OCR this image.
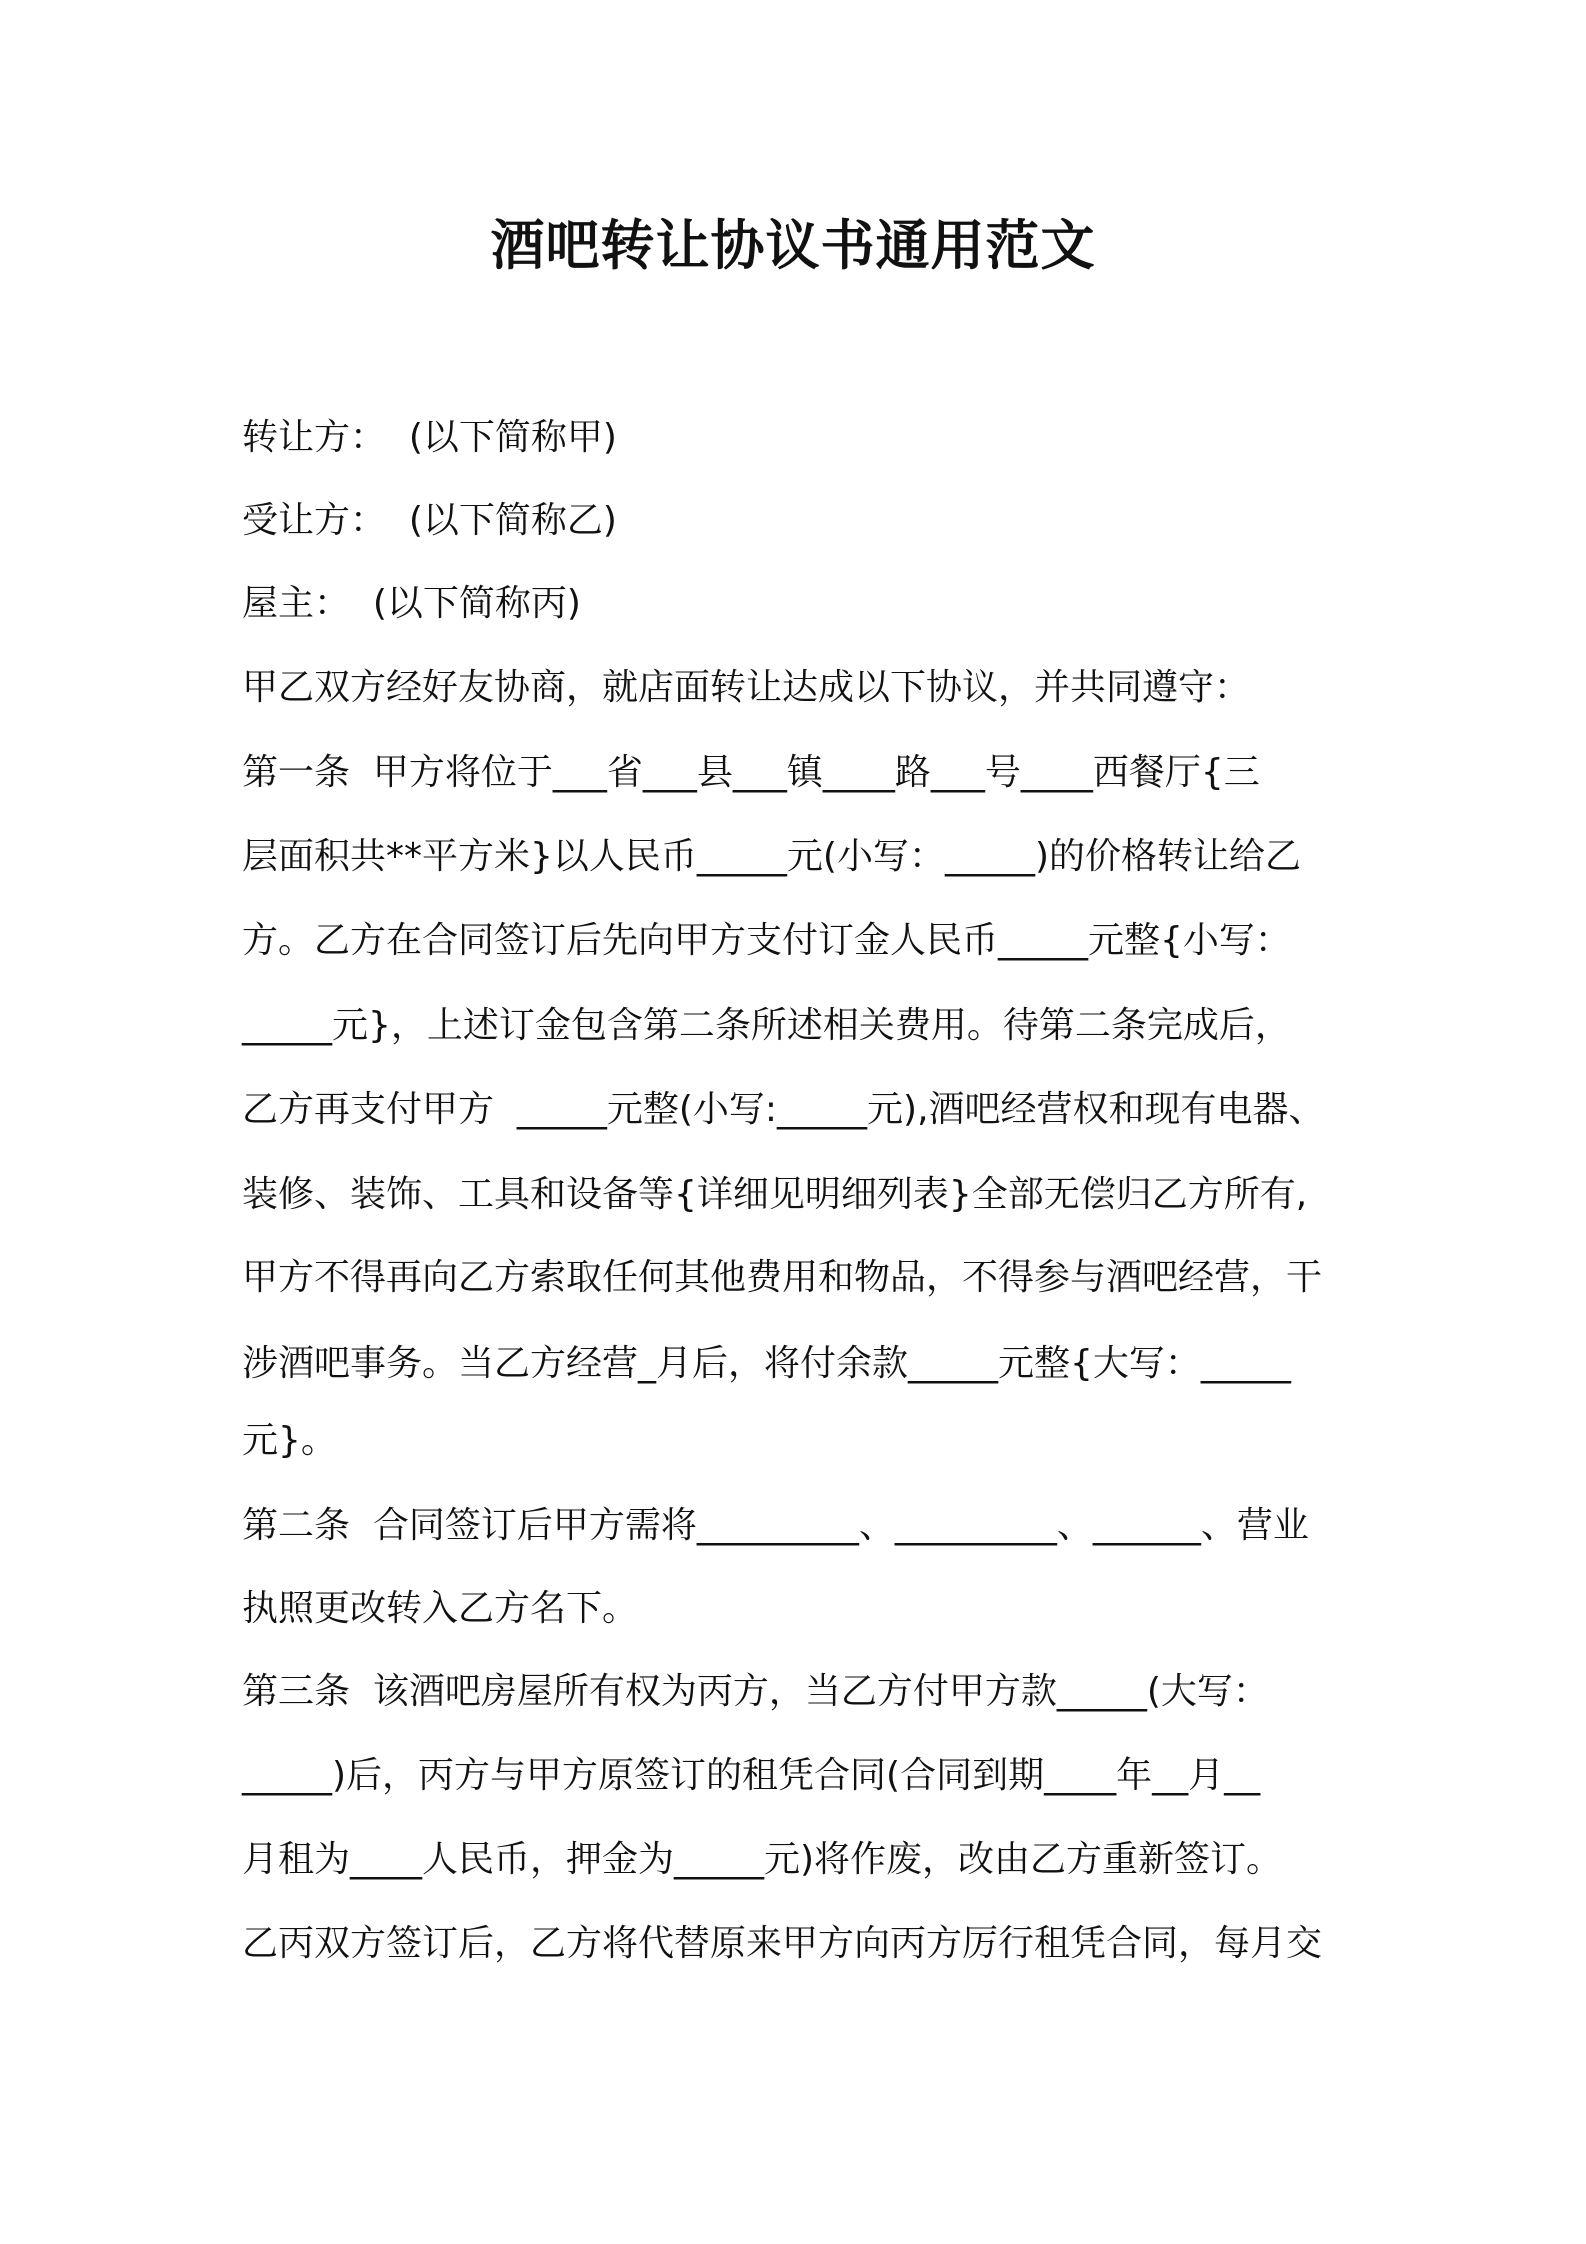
酒吧转让协议书通用范文

转让方：  (以下简称甲)

受让方：  (以下简称乙)

屋主：  (以下简称丙)

甲乙双方经好友协商，就店面转让达成以下协议，并共同遵守：

第一条  甲方将位于___省___县___镇____路___号____西餐厅{三

层面积共**平方米}以人民币_____元(小写：_____)的价格转让给乙

方。乙方在合同签订后先向甲方支付订金人民币_____元整{小写：

_____元}，上述订金包含第二条所述相关费用。待第二条完成后，

乙方再支付甲方  _____元整(小写:_____元),酒吧经营权和现有电器、

装修、装饰、工具和设备等{详细见明细列表}全部无偿归乙方所有,

甲方不得再向乙方索取任何其他费用和物品，不得参与酒吧经营，干

涉酒吧事务。当乙方经营_月后，将付余款_____元整{大写：_____

元}。

第二条  合同签订后甲方需将_________、_________、______、营业

执照更改转入乙方名下。

第三条  该酒吧房屋所有权为丙方，当乙方付甲方款_____(大写：

_____)后，丙方与甲方原签订的租凭合同(合同到期____年__月__

月租为____人民币，押金为_____元)将作废，改由乙方重新签订。

乙丙双方签订后，乙方将代替原来甲方向丙方厉行租凭合同，每月交
